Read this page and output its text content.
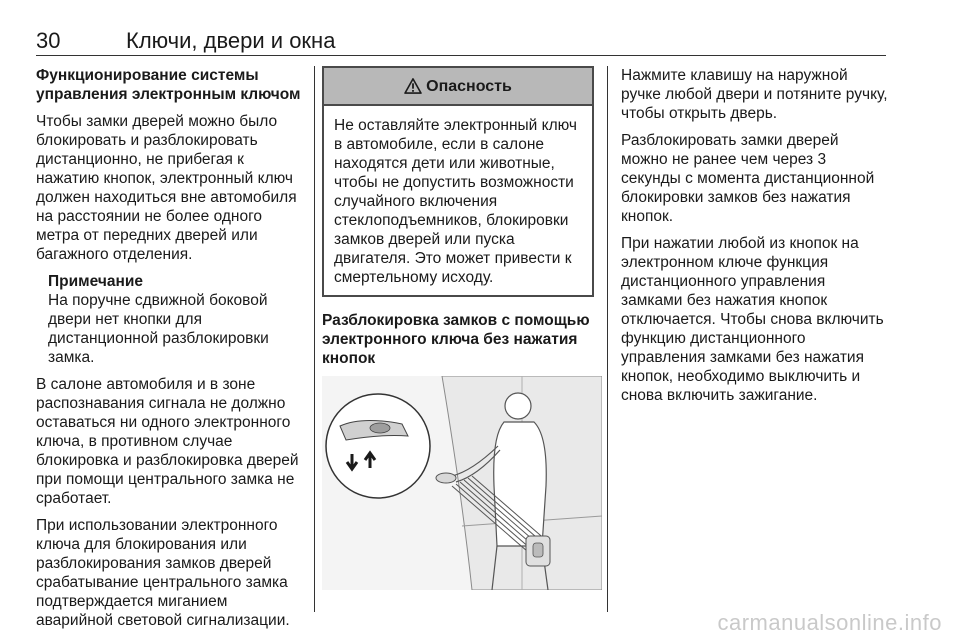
30	Ключи, двери и окна

Функционирование системы управления электронным ключом

Чтобы замки дверей можно было блокировать и разблокировать дистанционно, не прибегая к нажатию кнопок, электронный ключ должен находиться вне автомобиля на расстоянии не более одного метра от передних дверей или багажного отделения.

Примечание
На поручне сдвижной боковой двери нет кнопки для дистанционной разблокировки замка.

В салоне автомобиля и в зоне распознавания сигнала не должно оставаться ни одного электронного ключа, в противном случае блокировка и разблокировка дверей при помощи центрального замка не сработает.

При использовании электронного ключа для блокирования или разблокирования замков дверей срабатывание центрального замка подтверждается миганием аварийной световой сигнализации.

Опасность
Не оставляйте электронный ключ в автомобиле, если в салоне находятся дети или животные, чтобы не допустить возможности случайного включения стеклоподъемников, блокировки замков дверей или пуска двигателя. Это может привести к смертельному исходу.

Разблокировка замков с помощью электронного ключа без нажатия кнопок

Нажмите клавишу на наружной ручке любой двери и потяните ручку, чтобы открыть дверь.

Разблокировать замки дверей можно не ранее чем через 3 секунды с момента дистанционной блокировки замков без нажатия кнопок.

При нажатии любой из кнопок на электронном ключе функция дистанционного управления замками без нажатия кнопок отключается. Чтобы снова включить функцию дистанционного управления замками без нажатия кнопок, необходимо выключить и снова включить зажигание.

carmanualsonline.info
